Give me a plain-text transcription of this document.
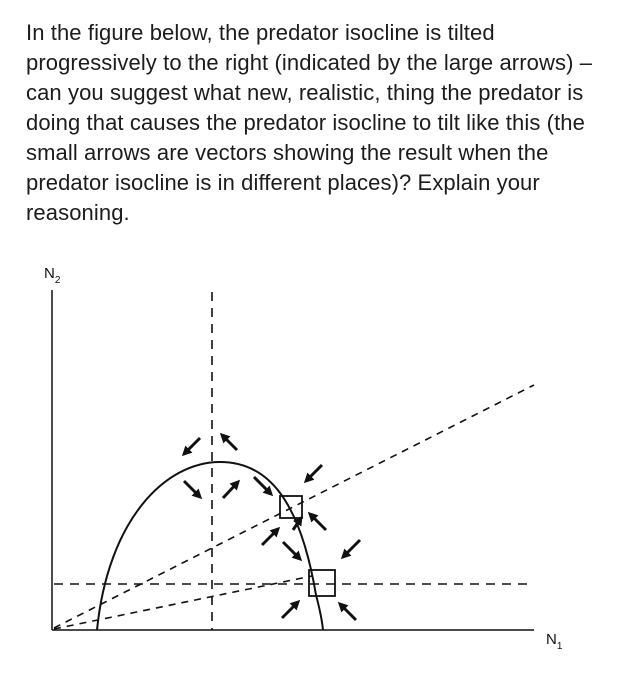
In the figure below, the predator isocline is tilted progressively to the right (indicated by the large arrows) – can you suggest what new, realistic, thing the predator is doing that causes the predator isocline to tilt like this (the small arrows are vectors showing the result when the predator isocline is in different places)? Explain your reasoning.

$N_2$
$N_1$
